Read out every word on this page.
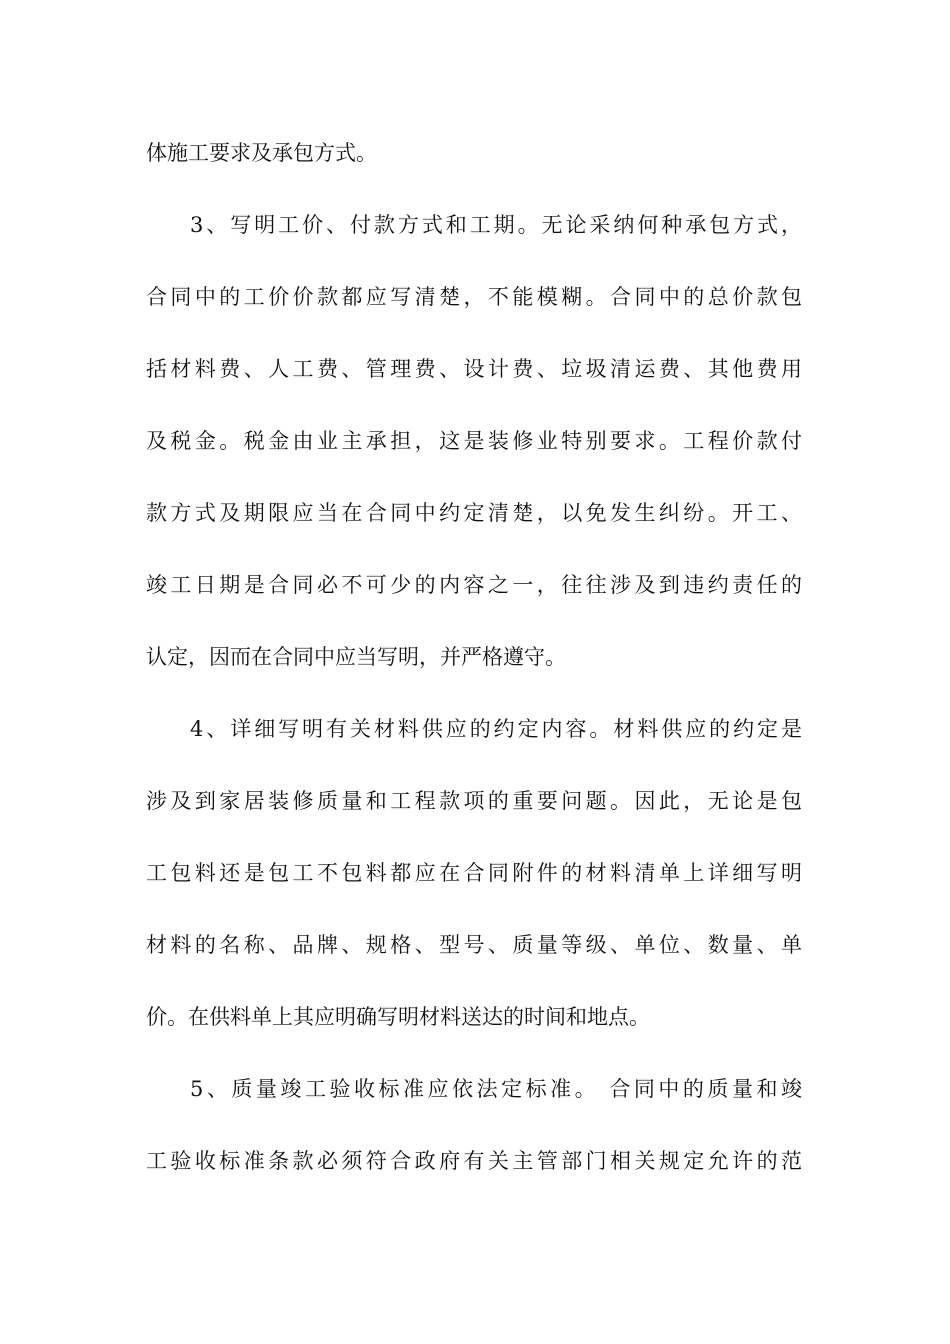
体施工要求及承包方式。
3、写明工价、付款方式和工期。无论采纳何种承包方式，
合同中的工价价款都应写清楚，不能模糊。合同中的总价款包
括材料费、人工费、管理费、设计费、垃圾清运费、其他费用
及税金。税金由业主承担，这是装修业特别要求。工程价款付
款方式及期限应当在合同中约定清楚，以免发生纠纷。开工、
竣工日期是合同必不可少的内容之一，往往涉及到违约责任的
认定，因而在合同中应当写明，并严格遵守。
4、详细写明有关材料供应的约定内容。材料供应的约定是
涉及到家居装修质量和工程款项的重要问题。因此，无论是包
工包料还是包工不包料都应在合同附件的材料清单上详细写明
材料的名称、品牌、规格、型号、质量等级、单位、数量、单
价。在供料单上其应明确写明材料送达的时间和地点。
5、质量竣工验收标准应依法定标准。 合同中的质量和竣
工验收标准条款必须符合政府有关主管部门相关规定允许的范
